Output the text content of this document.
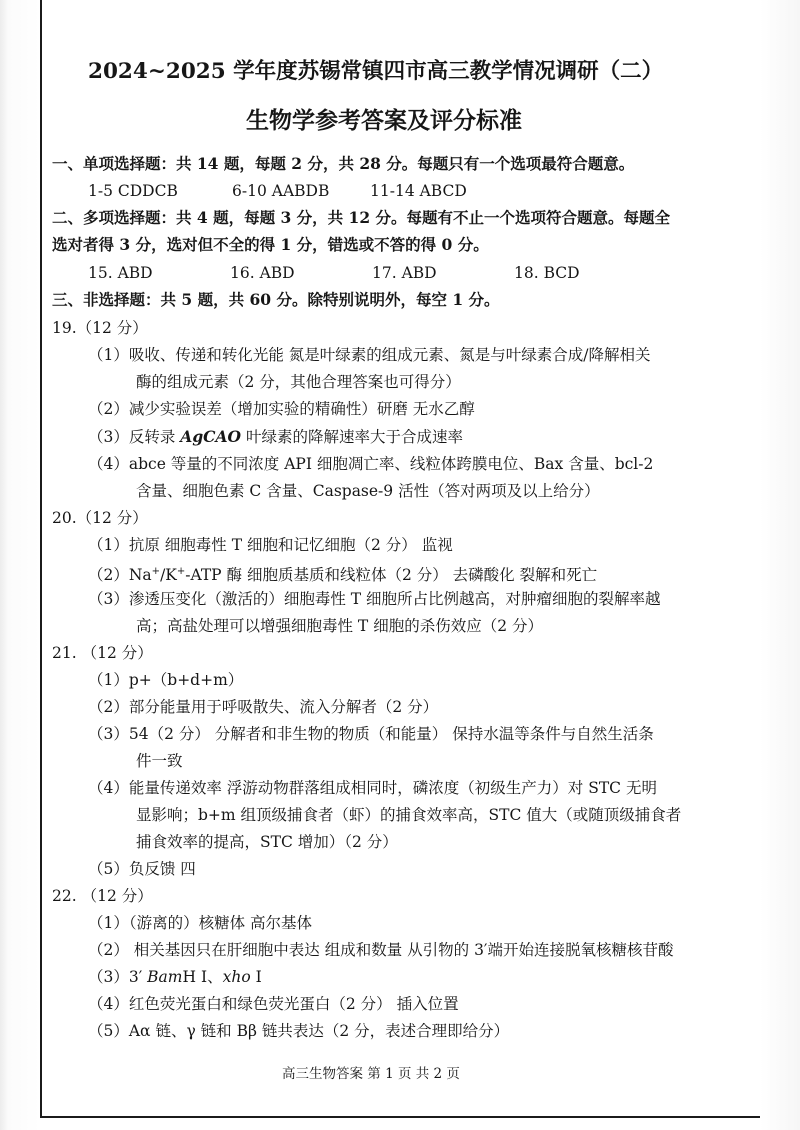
2024~2025 学年度苏锡常镇四市高三教学情况调研（二）
生物学参考答案及评分标准
一、单项选择题：共 14 题，每题 2 分，共 28 分。每题只有一个选项最符合题意。
1-5 CDDCB	6-10 AABDB	11-14 ABCD
二、多项选择题：共 4 题，每题 3 分，共 12 分。每题有不止一个选项符合题意。每题全
选对者得 3 分，选对但不全的得 1 分，错选或不答的得 0 分。
15. ABD	16. ABD	17. ABD	18. BCD
三、非选择题：共 5 题，共 60 分。除特别说明外，每空 1 分。
19.（12 分）
（1）吸收、传递和转化光能 氮是叶绿素的组成元素、氮是与叶绿素合成/降解相关
酶的组成元素（2 分，其他合理答案也可得分）
（2）减少实验误差（增加实验的精确性）研磨 无水乙醇
（3）反转录 AgCAO 叶绿素的降解速率大于合成速率
（4）abce 等量的不同浓度 API 细胞凋亡率、线粒体跨膜电位、Bax 含量、bcl-2
含量、细胞色素 C 含量、Caspase-9 活性（答对两项及以上给分）
20.（12 分）
（1）抗原 细胞毒性 T 细胞和记忆细胞（2 分） 监视
（2）Na+/K+-ATP 酶 细胞质基质和线粒体（2 分） 去磷酸化 裂解和死亡
（3）渗透压变化（激活的）细胞毒性 T 细胞所占比例越高，对肿瘤细胞的裂解率越
高；高盐处理可以增强细胞毒性 T 细胞的杀伤效应（2 分）
21. （12 分）
（1）p+（b+d+m）
（2）部分能量用于呼吸散失、流入分解者（2 分）
（3）54（2 分） 分解者和非生物的物质（和能量） 保持水温等条件与自然生活条
件一致
（4）能量传递效率 浮游动物群落组成相同时，磷浓度（初级生产力）对 STC 无明
显影响；b+m 组顶级捕食者（虾）的捕食效率高，STC 值大（或随顶级捕食者
捕食效率的提高，STC 增加）（2 分）
（5）负反馈 四
22. （12 分）
（1）（游离的）核糖体 高尔基体
（2） 相关基因只在肝细胞中表达 组成和数量 从引物的 3′端开始连接脱氧核糖核苷酸
（3）3′ BamH Ⅰ、xho Ⅰ
（4）红色荧光蛋白和绿色荧光蛋白（2 分） 插入位置
（5）Aα 链、γ 链和 Bβ 链共表达（2 分，表述合理即给分）
高三生物答案 第 1 页 共 2 页
